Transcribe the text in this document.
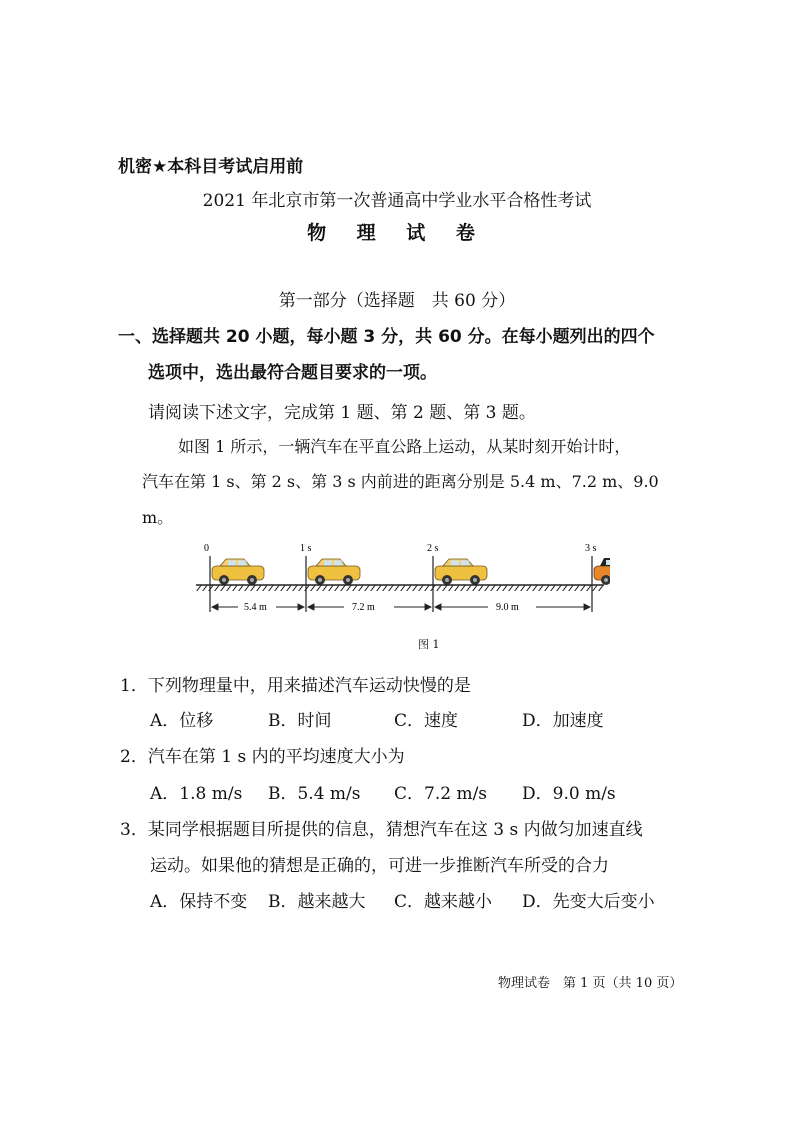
机密★本科目考试启用前
2021 年北京市第一次普通高中学业水平合格性考试
物 理 试 卷
第一部分（选择题　共 60 分）
一、选择题共 20 小题，每小题 3 分，共 60 分。在每小题列出的四个
选项中，选出最符合题目要求的一项。
请阅读下述文字，完成第 1 题、第 2 题、第 3 题。
如图 1 所示，一辆汽车在平直公路上运动，从某时刻开始计时，
汽车在第 1 s、第 2 s、第 3 s 内前进的距离分别是 5.4 m、7.2 m、9.0
m。
0	1 s	2 s	3 s
5.4 m	7.2 m	9.0 m
图 1
1．下列物理量中，用来描述汽车运动快慢的是
A．位移	B．时间	C．速度	D．加速度
2．汽车在第 1 s 内的平均速度大小为
A．1.8 m/s B．5.4 m/s C．7.2 m/s D．9.0 m/s
3．某同学根据题目所提供的信息，猜想汽车在这 3 s 内做匀加速直线
运动。如果他的猜想是正确的，可进一步推断汽车所受的合力
A．保持不变 B．越来越大 C．越来越小 D．先变大后变小
物理试卷　第 1 页（共 10 页）
